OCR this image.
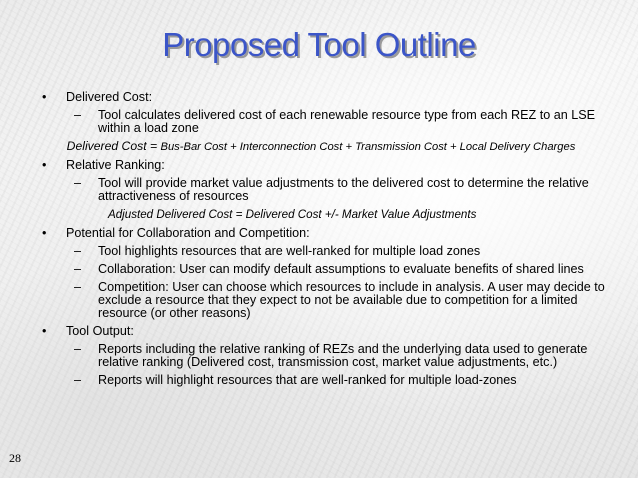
Proposed Tool Outline
• Delivered Cost:
– Tool calculates delivered cost of each renewable resource type from each REZ to an LSE within a load zone
Delivered Cost = Bus-Bar Cost + Interconnection Cost + Transmission Cost + Local Delivery Charges
• Relative Ranking:
– Tool will provide market value adjustments to the delivered cost to determine the relative attractiveness of resources
Adjusted Delivered Cost = Delivered Cost +/- Market Value Adjustments
• Potential for Collaboration and Competition:
– Tool highlights resources that are well-ranked for multiple load zones
– Collaboration: User can modify default assumptions to evaluate benefits of shared lines
– Competition: User can choose which resources to include in analysis. A user may decide to exclude a resource that they expect to not be available due to competition for a limited resource (or other reasons)
• Tool Output:
– Reports including the relative ranking of REZs and the underlying data used to generate relative ranking (Delivered cost, transmission cost, market value adjustments, etc.)
– Reports will highlight resources that are well-ranked for multiple load-zones
28
